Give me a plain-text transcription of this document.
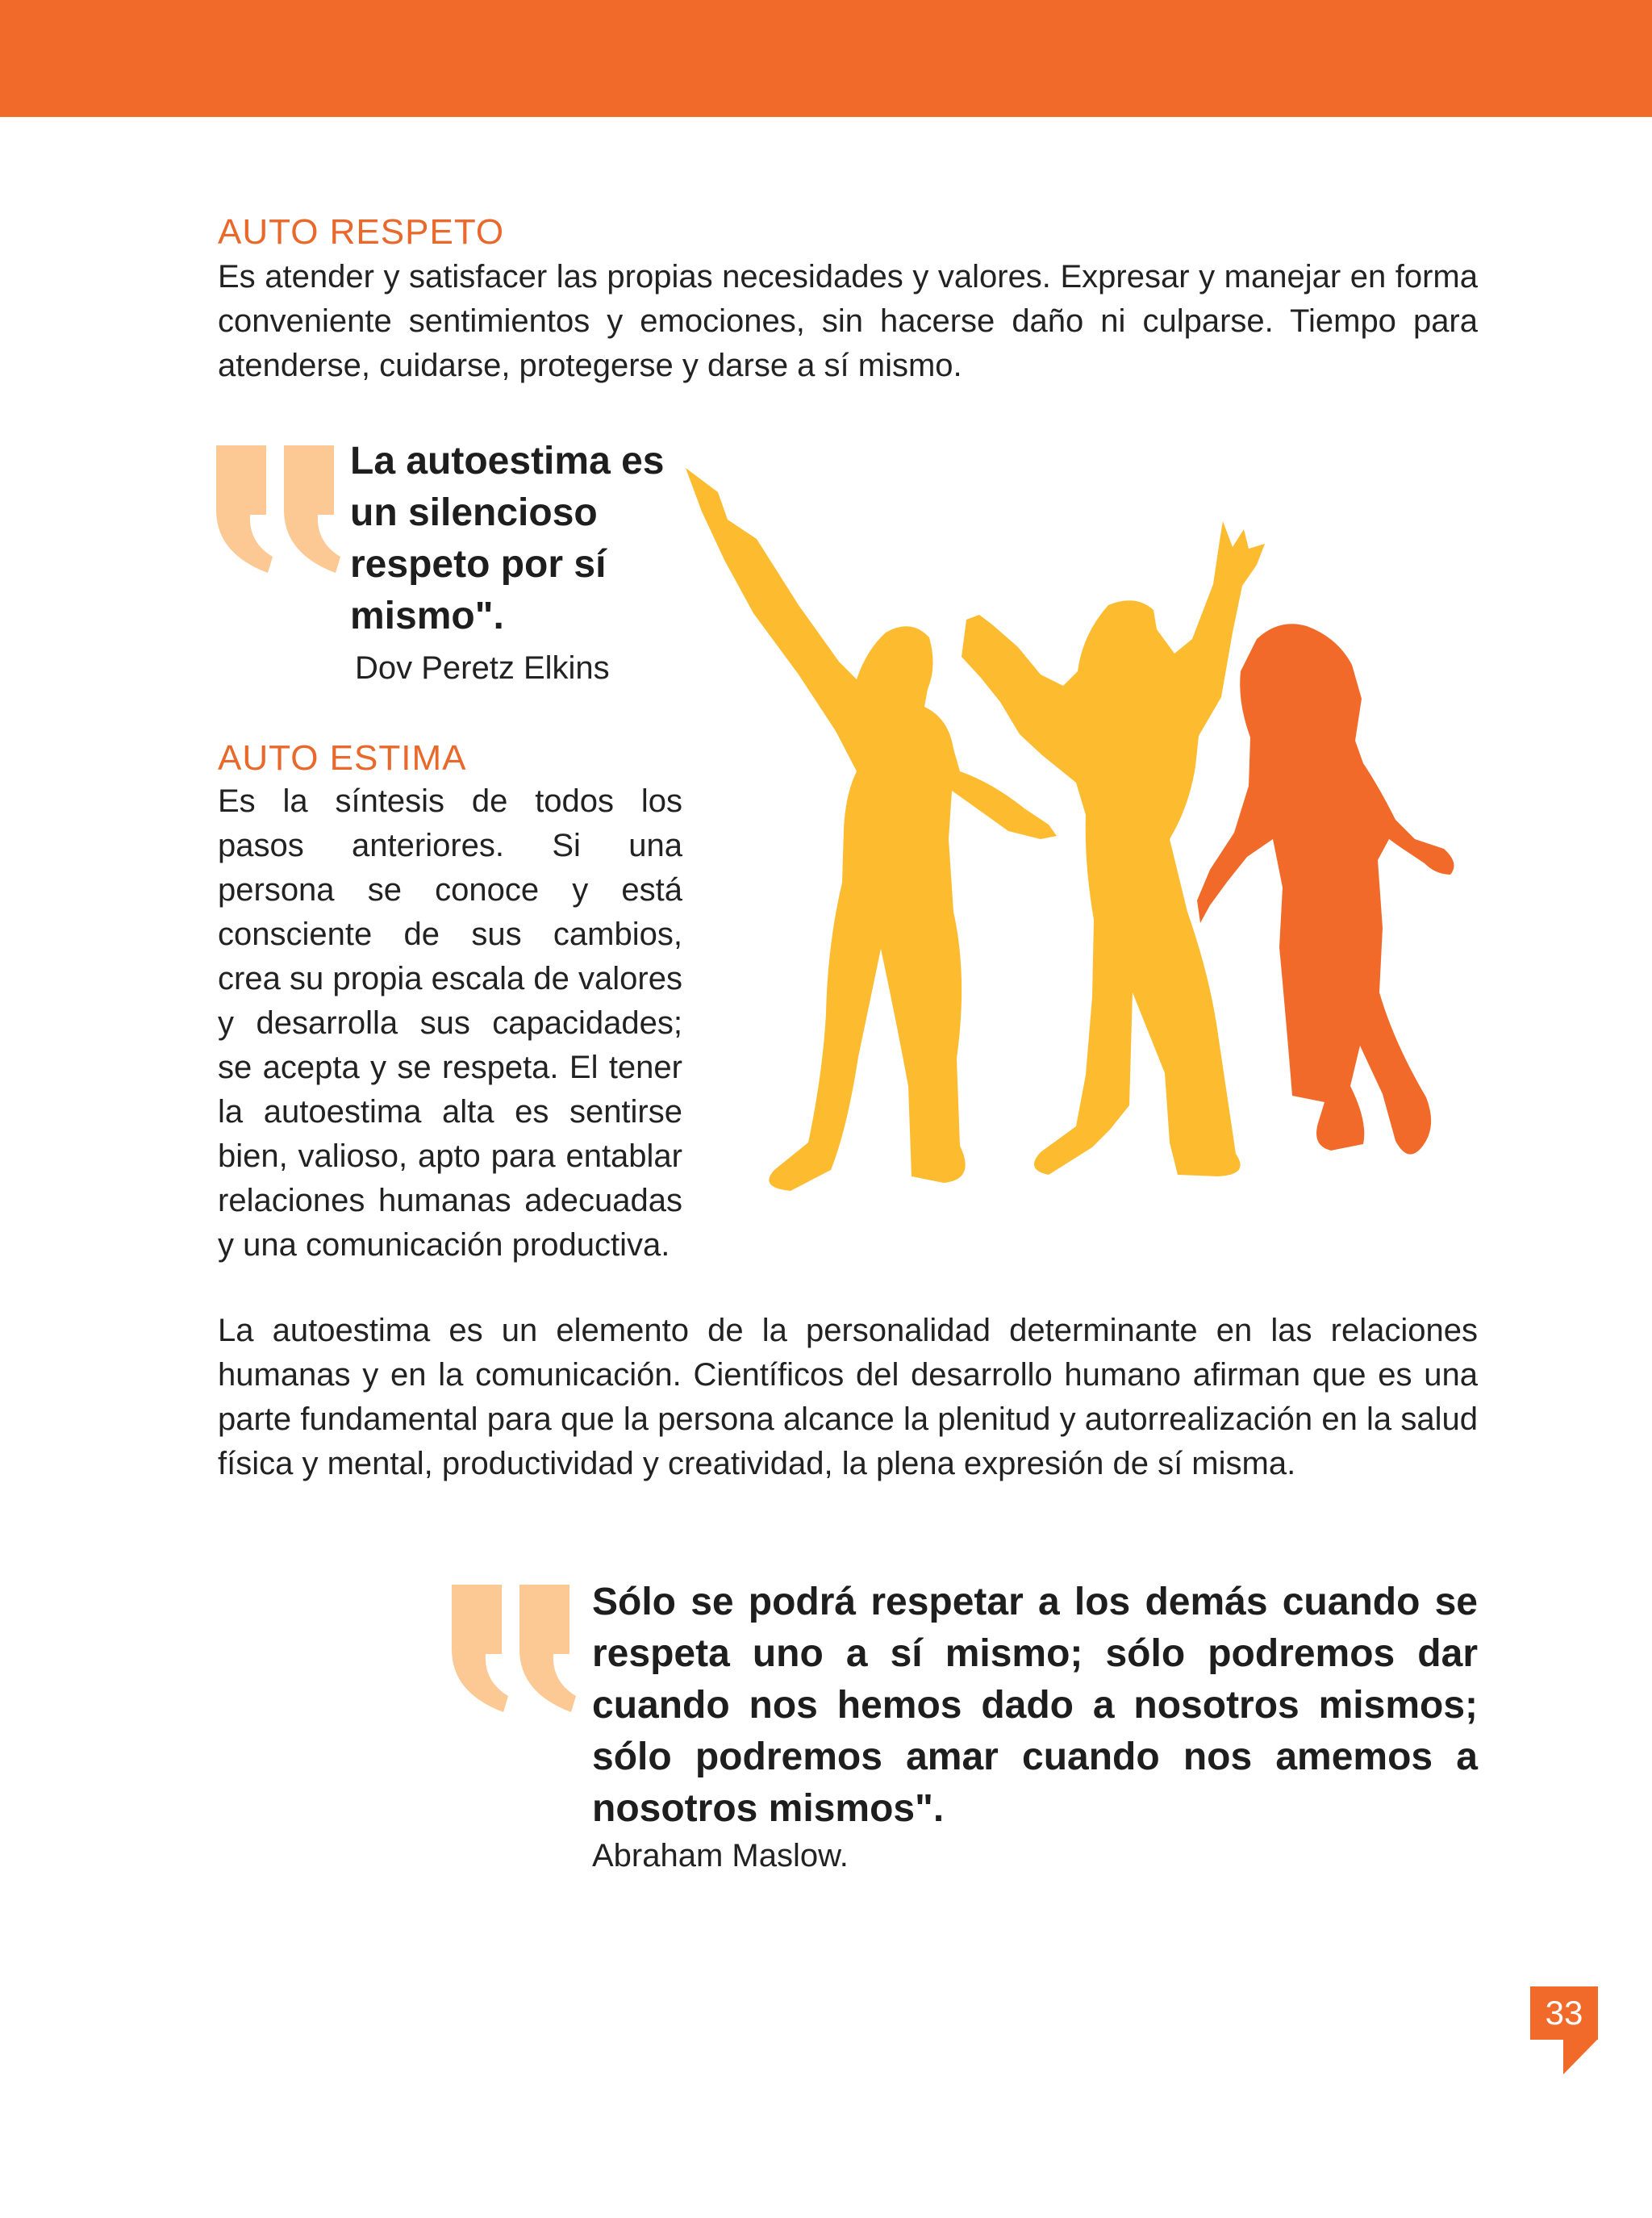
AUTO RESPETO

Es atender y satisfacer las propias necesidades y valores. Expresar y manejar en forma conveniente sentimientos y emociones, sin hacerse daño ni culparse. Tiempo para atenderse, cuidarse, protegerse y darse a sí mismo.

La autoestima es un silencioso respeto por sí mismo".

Dov Peretz Elkins

AUTO ESTIMA

Es la síntesis de todos los pasos anteriores. Si una persona se conoce y está consciente de sus cambios, crea su propia escala de valores y desarrolla sus capacidades; se acepta y se respeta. El tener la autoestima alta es sentirse bien, valioso, apto para entablar relaciones humanas adecuadas y una comunicación productiva.

La autoestima es un elemento de la personalidad determinante en las relaciones humanas y en la comunicación. Científicos del desarrollo humano afirman que es una parte fundamental para que la persona alcance la plenitud y autorrealización en la salud física y mental, productividad y creatividad, la plena expresión de sí misma.

Sólo se podrá respetar a los demás cuando se respeta uno a sí mismo; sólo podremos dar cuando nos hemos dado a nosotros mismos; sólo podremos amar cuando nos amemos a nosotros mismos".

Abraham Maslow.

33
